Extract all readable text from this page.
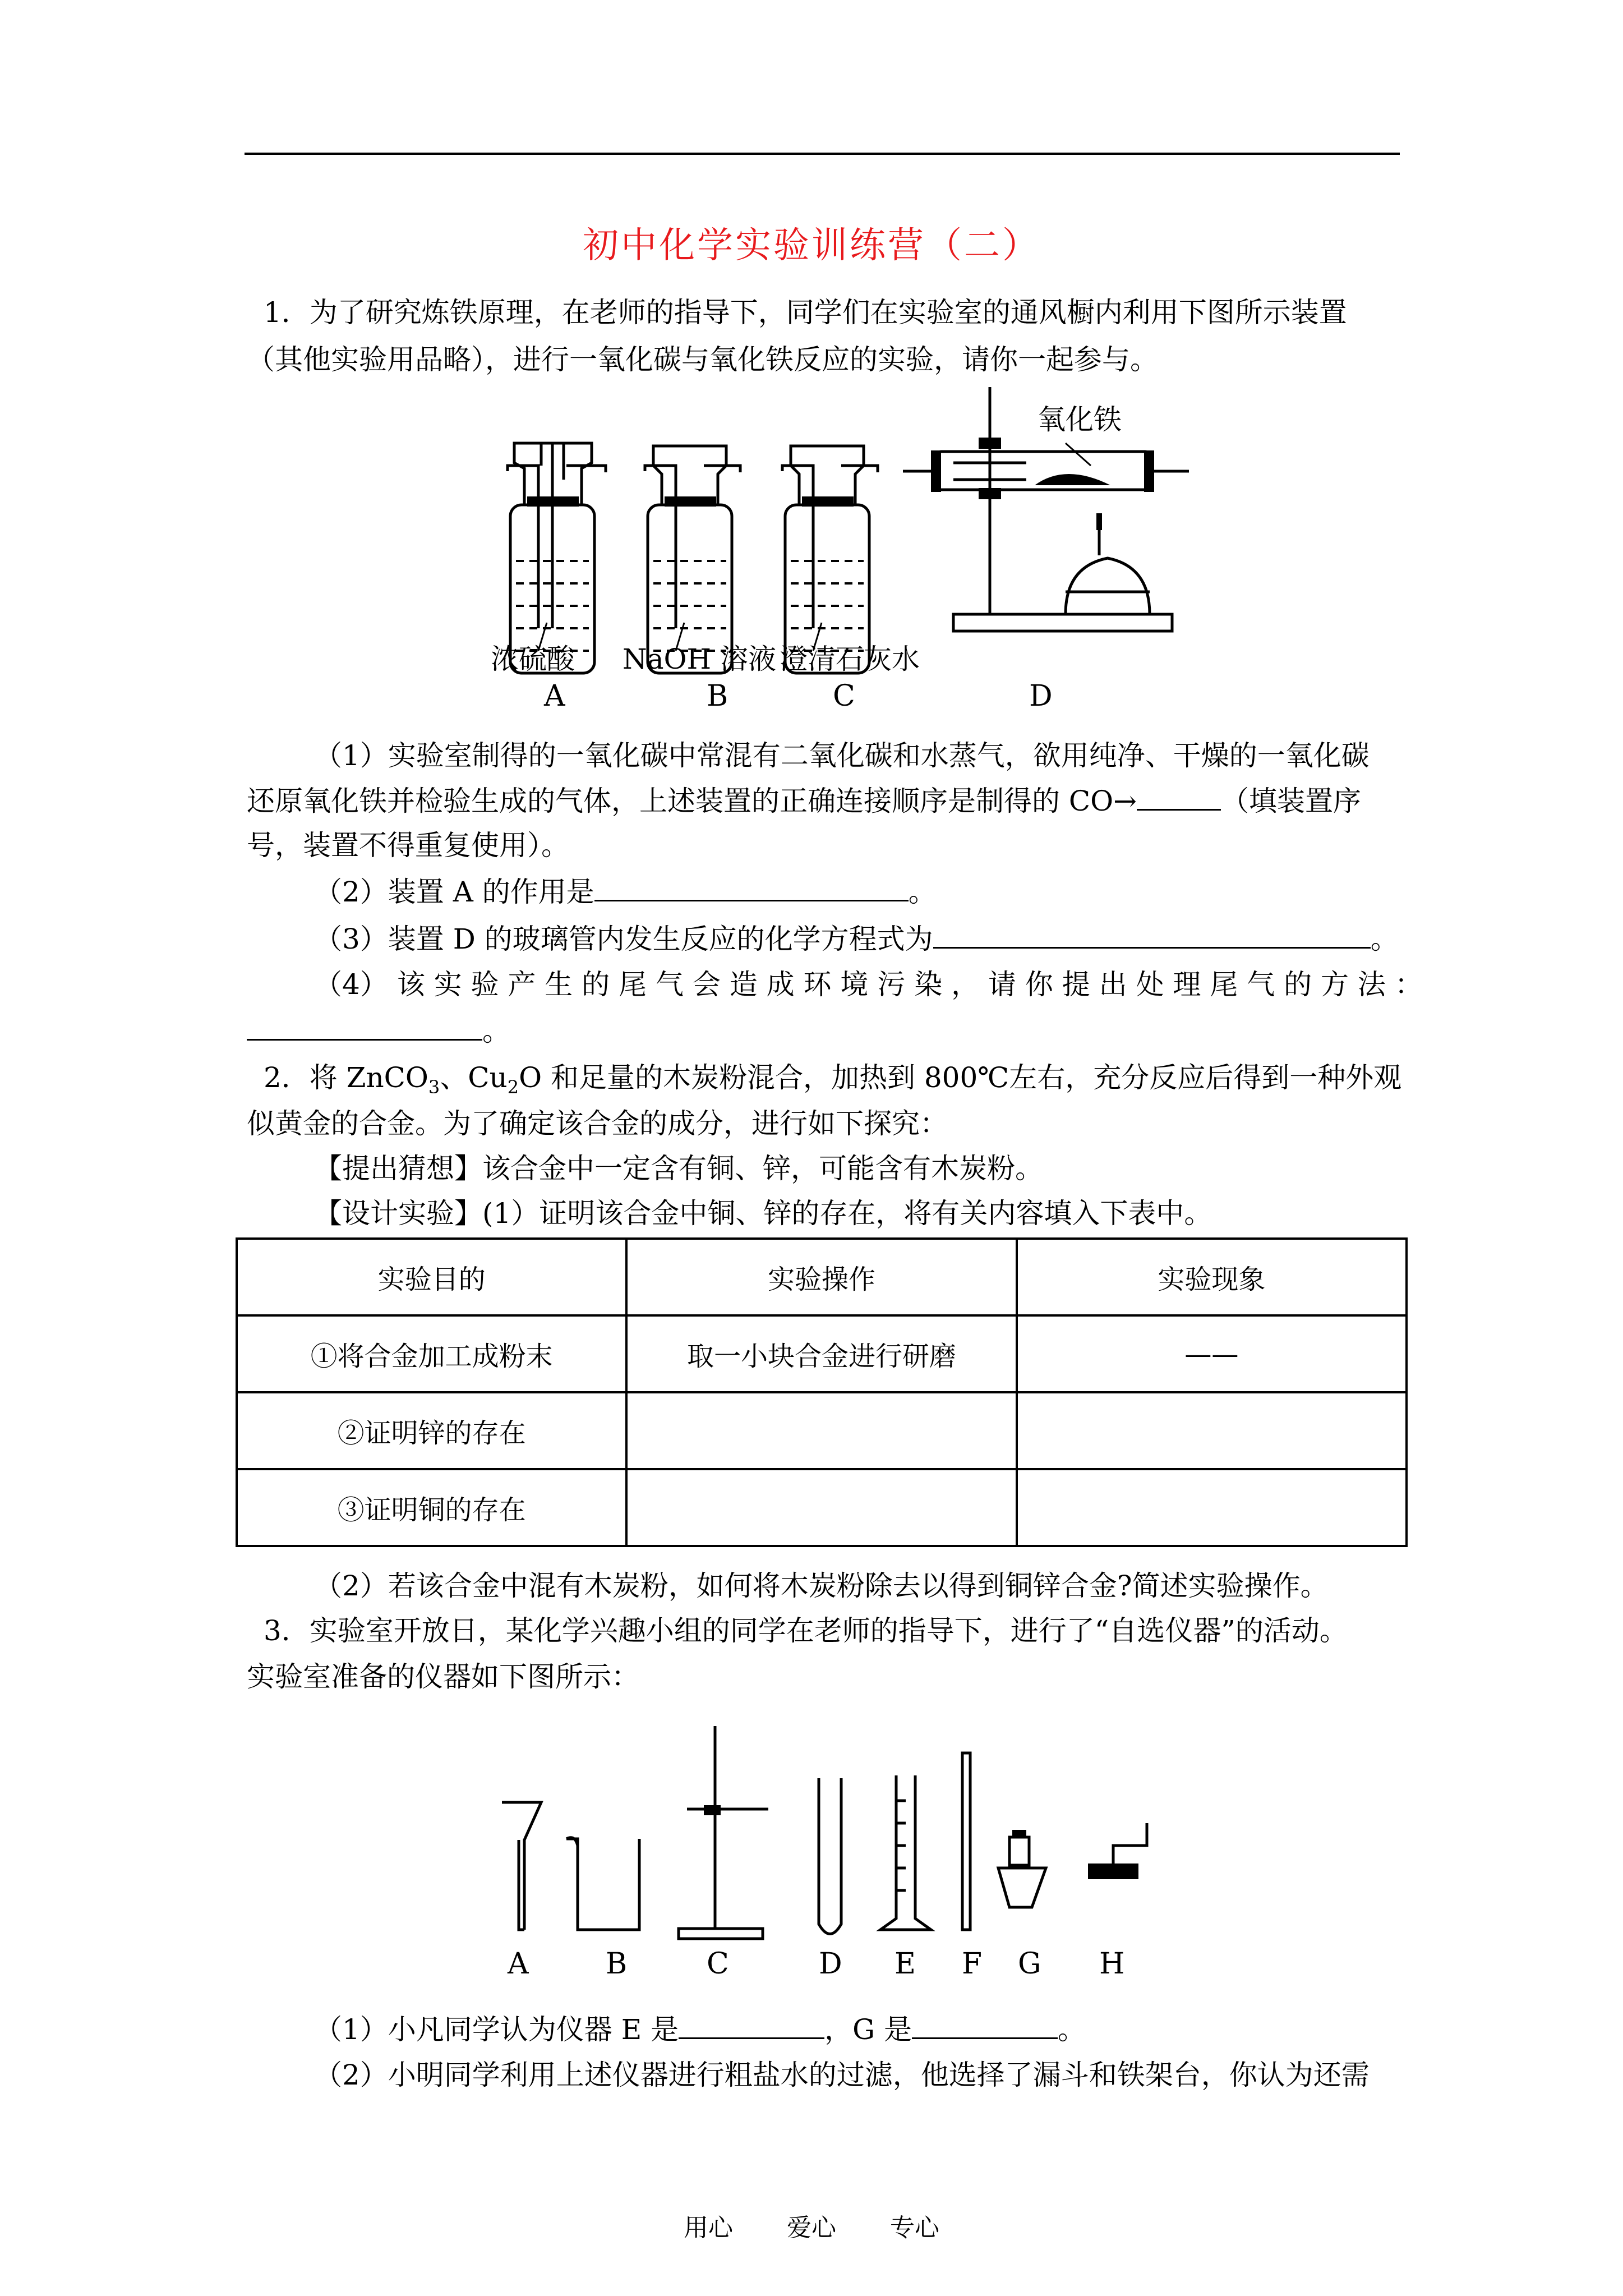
初中化学实验训练营（二）
1．为了研究炼铁原理，在老师的指导下，同学们在实验室的通风橱内利用下图所示装置
（其他实验用品略），进行一氧化碳与氧化铁反应的实验，请你一起参与。
氧化铁
浓硫酸 NaOH 溶液 澄清石灰水
A	B	C	D
（1）实验室制得的一氧化碳中常混有二氧化碳和水蒸气，欲用纯净、干燥的一氧化碳
还原氧化铁并检验生成的气体，上述装置的正确连接顺序是制得的 CO→	（填装置序
号，装置不得重复使用）。
（2）装置 A 的作用是	。
（3）装置 D 的玻璃管内发生反应的化学方程式为	。
（4） 该 实 验 产 生 的 尾 气 会 造 成 环 境 污 染 ， 请 你 提 出 处 理 尾 气 的 方 法 ：
。
2．将 ZnCO$_3$、$Cu_2O$ 和足量的木炭粉混合，加热到 800℃左右，充分反应后得到一种外观
似黄金的合金。为了确定该合金的成分，进行如下探究：
【提出猜想】该合金中一定含有铜、锌，可能含有木炭粉。
【设计实验】(1）证明该合金中铜、锌的存在，将有关内容填入下表中。
实验目的	实验操作	实验现象
①将合金加工成粉末	取一小块合金进行研磨	——
②证明锌的存在		
③证明铜的存在		
（2）若该合金中混有木炭粉，如何将木炭粉除去以得到铜锌合金?简述实验操作。
3．实验室开放日，某化学兴趣小组的同学在老师的指导下，进行了“自选仪器”的活动。
实验室准备的仪器如下图所示：
A	B	C	D E F G H
（1）小凡同学认为仪器 E 是	，G 是	。
（2）小明同学利用上述仪器进行粗盐水的过滤，他选择了漏斗和铁架台，你认为还需
用心 爱心 专心
